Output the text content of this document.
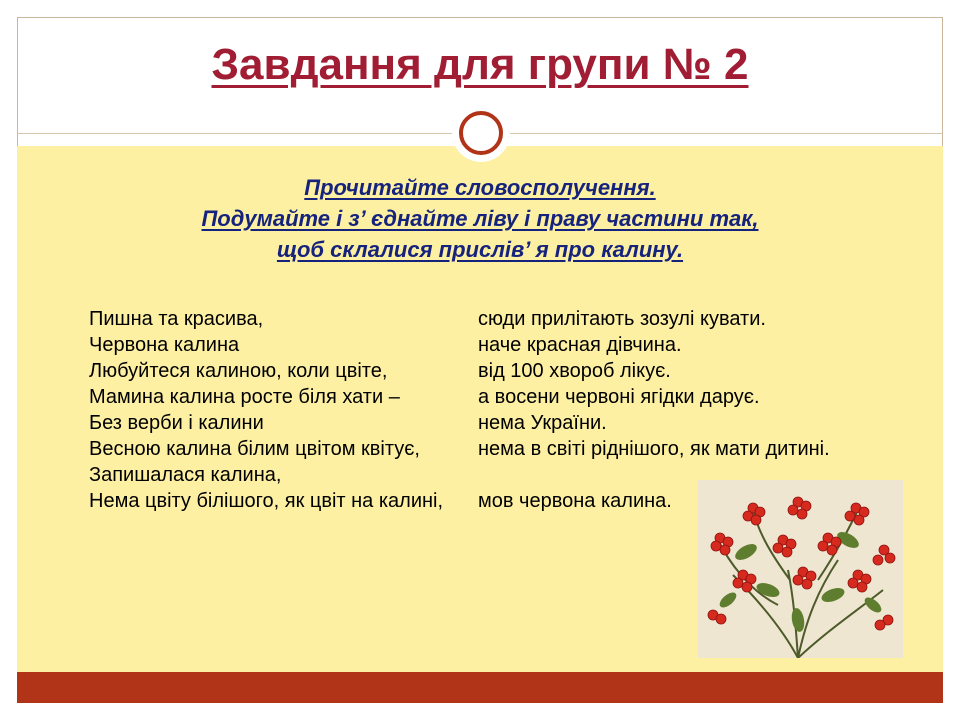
Завдання для групи № 2
Прочитайте словосполучення.
Подумайте і з’ єднайте ліву і праву частини так,
щоб склалися прислів’ я про калину.
Пишна та красива,
Червона калина
Любуйтеся калиною, коли цвіте,
Мамина калина росте біля хати –
Без верби і калини
Весною калина білим цвітом квітує,
Запишалася калина,
Нема цвіту білішого, як цвіт на калині,
сюди прилітають зозулі кувати.
наче красная дівчина.
від 100 хвороб лікує.
а восени червоні ягідки дарує.
нема України.
нема в світі ріднішого, як мати дитині.
мов червона калина.
